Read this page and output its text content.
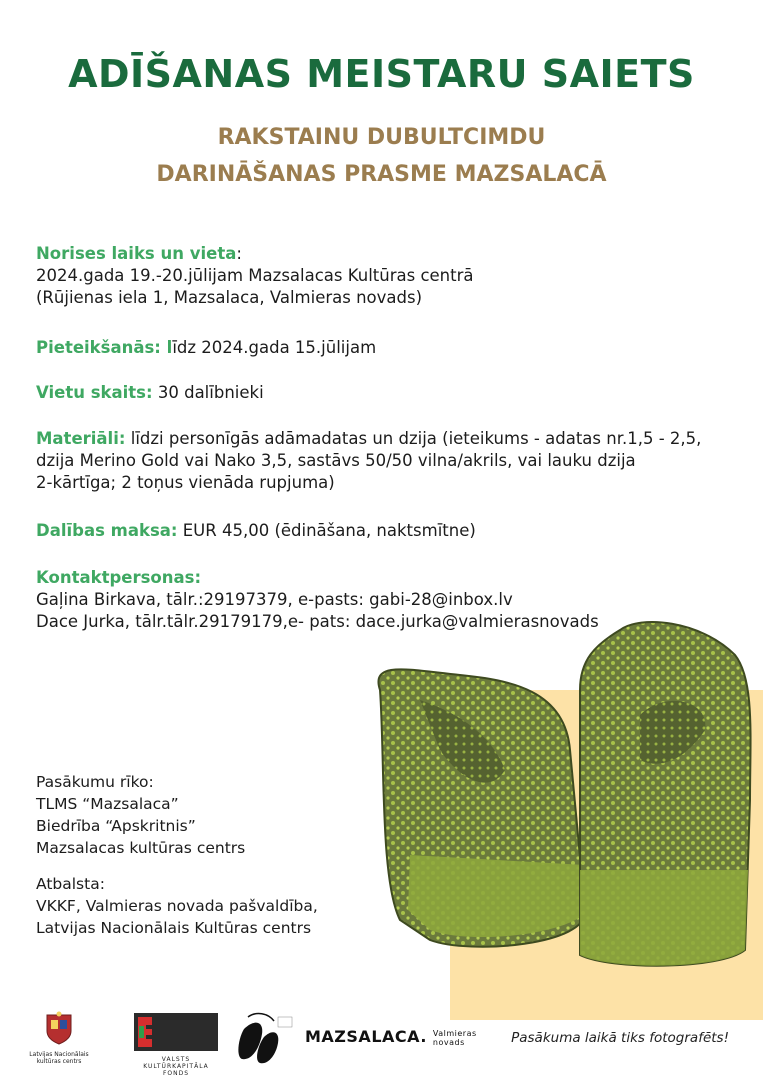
ADĪŠANAS MEISTARU SAIETS
RAKSTAINU DUBULTCIMDU
DARINĀŠANAS PRASME MAZSALACĀ
Norises laiks un vieta:
2024.gada 19.-20.jūlijam Mazsalacas Kultūras centrā
(Rūjienas iela 1, Mazsalaca, Valmieras novads)
Pieteikšanās: līdz 2024.gada 15.jūlijam
Vietu skaits: 30 dalībnieki
Materiāli: līdzi personīgās adāmadatas un dzija (ieteikums - adatas nr.1,5 - 2,5,
dzija Merino Gold vai Nako 3,5, sastāvs 50/50 vilna/akrils, vai lauku dzija
2-kārtīga; 2 toņus vienāda rupjuma)
Dalības maksa: EUR 45,00 (ēdināšana, naktsmītne)
Kontaktpersonas:
Gaļina Birkava, tālr.:29197379, e-pasts: gabi-28@inbox.lv
Dace Jurka, tālr.tālr.29179179,e- pats: dace.jurka@valmierasnovads
Pasākumu rīko:
TLMS “Mazsalaca”
Biedrība “Apskritnis”
Mazsalacas kultūras centrs
Atbalsta:
VKKF, Valmieras novada pašvaldība,
Latvijas Nacionālais Kultūras centrs
Latvijas Nacionālais kultūras centrs	VALSTS KULTŪRKAPITĀLA FONDS
MAZSALACA. Valmieras
novads	Pasākuma laikā tiks fotografēts!
